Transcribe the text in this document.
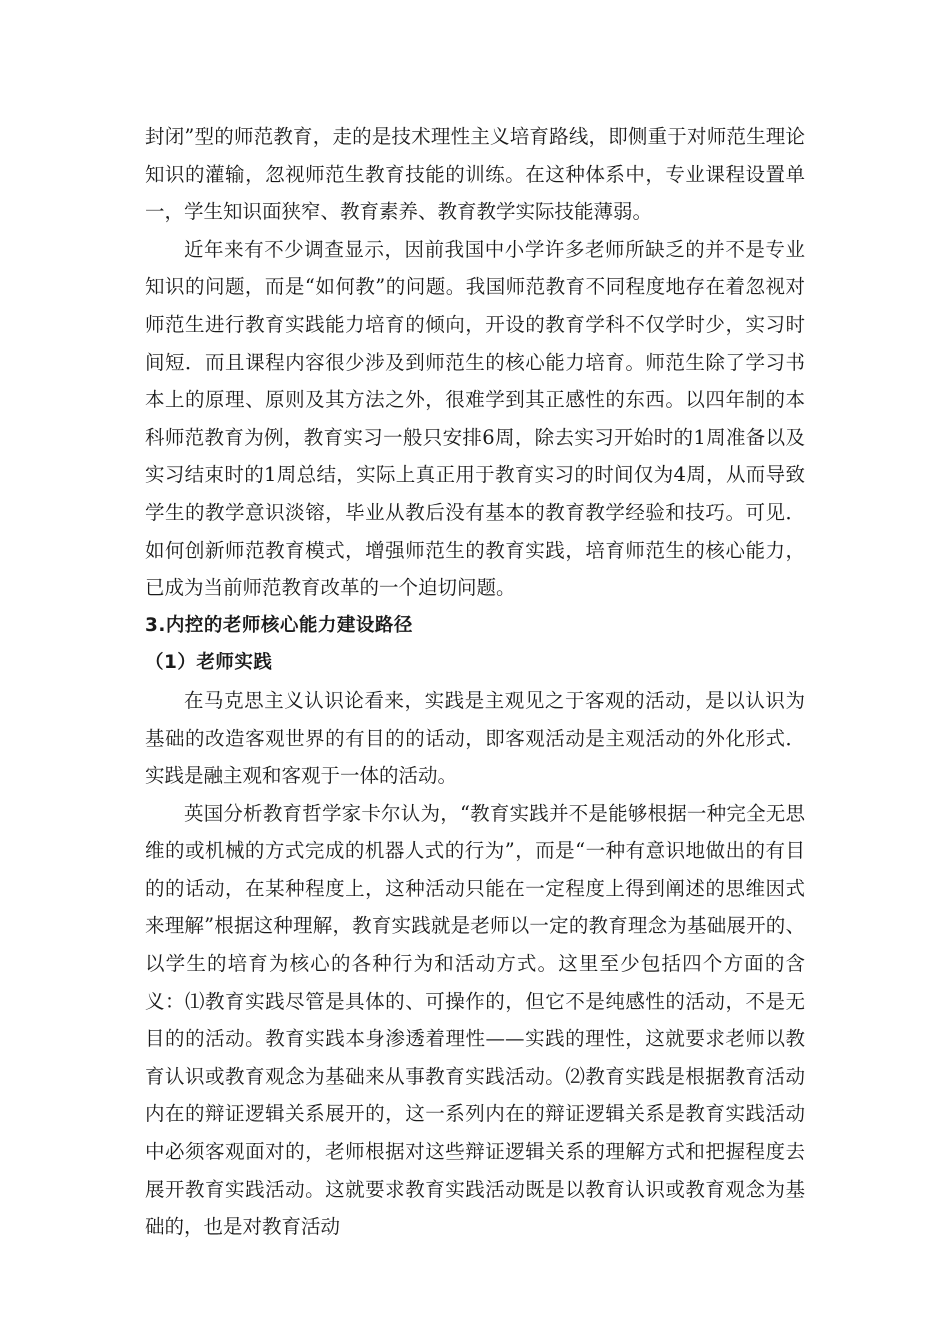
封闭”型的师范教育，走的是技术理性主义培育路线，即侧重于对师范生理论知识的灌输，忽视师范生教育技能的训练。在这种体系中，专业课程设置单一，学生知识面狭窄、教育素养、教育教学实际技能薄弱。

近年来有不少调查显示，因前我国中小学许多老师所缺乏的并不是专业知识的问题，而是“如何教”的问题。我国师范教育不同程度地存在着忽视对师范生进行教育实践能力培育的倾向，开设的教育学科不仅学时少，实习时间短．而且课程内容很少涉及到师范生的核心能力培育。师范生除了学习书本上的原理、原则及其方法之外，很难学到其正感性的东西。以四年制的本科师范教育为例，教育实习一般只安排6周，除去实习开始时的1周准备以及实习结束时的1周总结，实际上真正用于教育实习的时间仅为4周，从而导致学生的教学意识淡镕，毕业从教后没有基本的教育教学经验和技巧。可见．如何创新师范教育模式，增强师范生的教育实践，培育师范生的核心能力，已成为当前师范教育改革的一个迫切问题。

3.内控的老师核心能力建设路径

（1）老师实践

在马克思主义认识论看来，实践是主观见之于客观的活动，是以认识为基础的改造客观世界的有目的的话动，即客观活动是主观活动的外化形式．实践是融主观和客观于一体的活动。

英国分析教育哲学家卡尔认为，“教育实践并不是能够根据一种完全无思维的或机械的方式完成的机器人式的行为”，而是“一种有意识地做出的有目的的话动，在某种程度上，这种活动只能在一定程度上得到阐述的思维因式来理解”根据这种理解，教育实践就是老师以一定的教育理念为基础展开的、以学生的培育为核心的各种行为和活动方式。这里至少包括四个方面的含义：⑴教育实践尽管是具体的、可操作的，但它不是纯感性的活动，不是无目的的活动。教育实践本身渗透着理性——实践的理性，这就要求老师以教育认识或教育观念为基础来从事教育实践活动。⑵教育实践是根据教育活动内在的辩证逻辑关系展开的，这一系列内在的辩证逻辑关系是教育实践活动中必须客观面对的，老师根据对这些辩证逻辑关系的理解方式和把握程度去展开教育实践活动。这就要求教育实践活动既是以教育认识或教育观念为基础的，也是对教育活动
